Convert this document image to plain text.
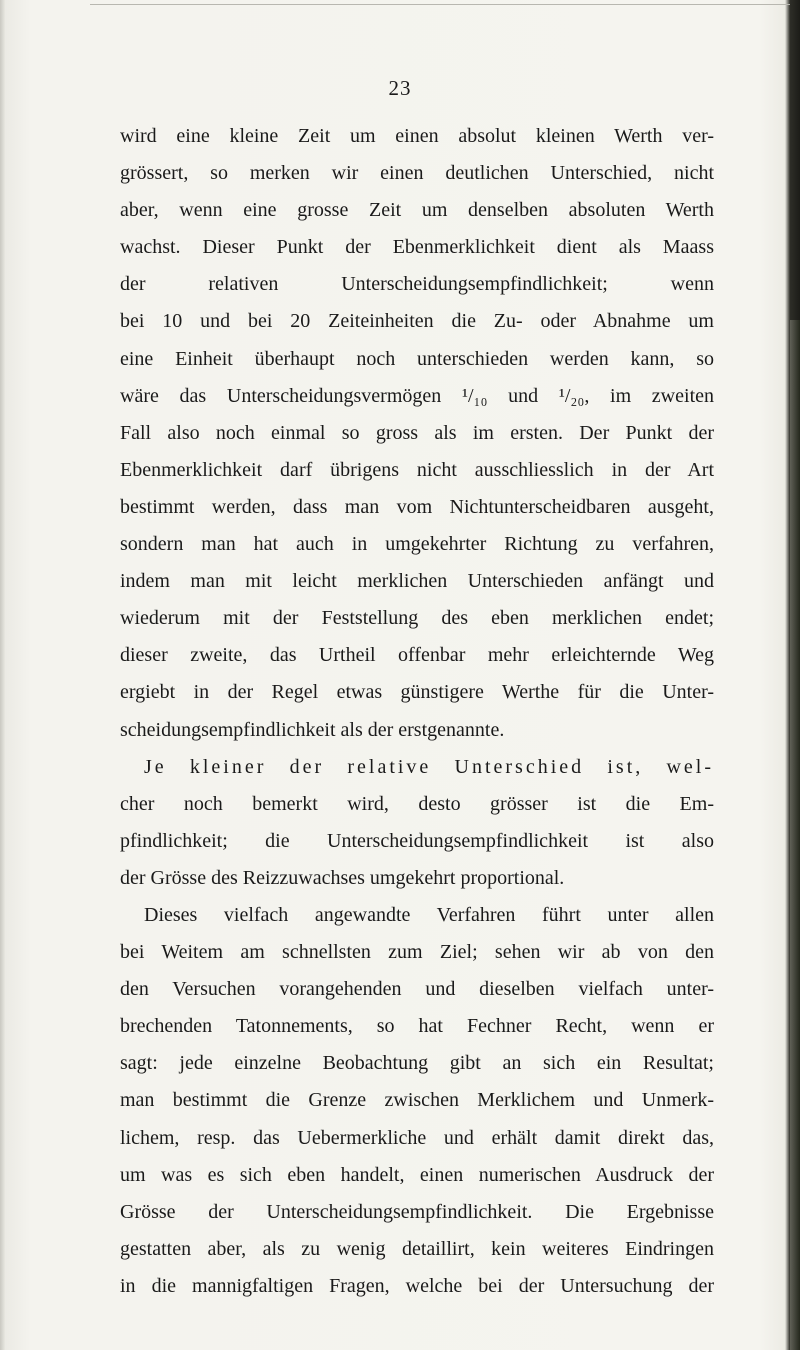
23
wird eine kleine Zeit um einen absolut kleinen Werth ver-
grössert, so merken wir einen deutlichen Unterschied, nicht
aber, wenn eine grosse Zeit um denselben absoluten Werth
wachst. Dieser Punkt der Ebenmerklichkeit dient als Maass
der relativen Unterscheidungsempfindlichkeit; wenn
bei 10 und bei 20 Zeiteinheiten die Zu- oder Abnahme um
eine Einheit überhaupt noch unterschieden werden kann, so
wäre das Unterscheidungsvermögen ¹/₁₀ und ¹/₂₀, im zweiten
Fall also noch einmal so gross als im ersten. Der Punkt der
Ebenmerklichkeit darf übrigens nicht ausschliesslich in der Art
bestimmt werden, dass man vom Nichtunterscheidbaren ausgeht,
sondern man hat auch in umgekehrter Richtung zu verfahren,
indem man mit leicht merklichen Unterschieden anfängt und
wiederum mit der Feststellung des eben merklichen endet;
dieser zweite, das Urtheil offenbar mehr erleichternde Weg
ergiebt in der Regel etwas günstigere Werthe für die Unter-
scheidungsempfindlichkeit als der erstgenannte.
Je kleiner der relative Unterschied ist, wel-
cher noch bemerkt wird, desto grösser ist die Em-
pfindlichkeit; die Unterscheidungsempfindlichkeit ist also
der Grösse des Reizzuwachses umgekehrt proportional.
Dieses vielfach angewandte Verfahren führt unter allen
bei Weitem am schnellsten zum Ziel; sehen wir ab von den
den Versuchen vorangehenden und dieselben vielfach unter-
brechenden Tatonnements, so hat Fechner Recht, wenn er
sagt: jede einzelne Beobachtung gibt an sich ein Resultat;
man bestimmt die Grenze zwischen Merklichem und Unmerk-
lichem, resp. das Uebermerkliche und erhält damit direkt das,
um was es sich eben handelt, einen numerischen Ausdruck der
Grösse der Unterscheidungsempfindlichkeit. Die Ergebnisse
gestatten aber, als zu wenig detaillirt, kein weiteres Eindringen
in die mannigfaltigen Fragen, welche bei der Untersuchung der
